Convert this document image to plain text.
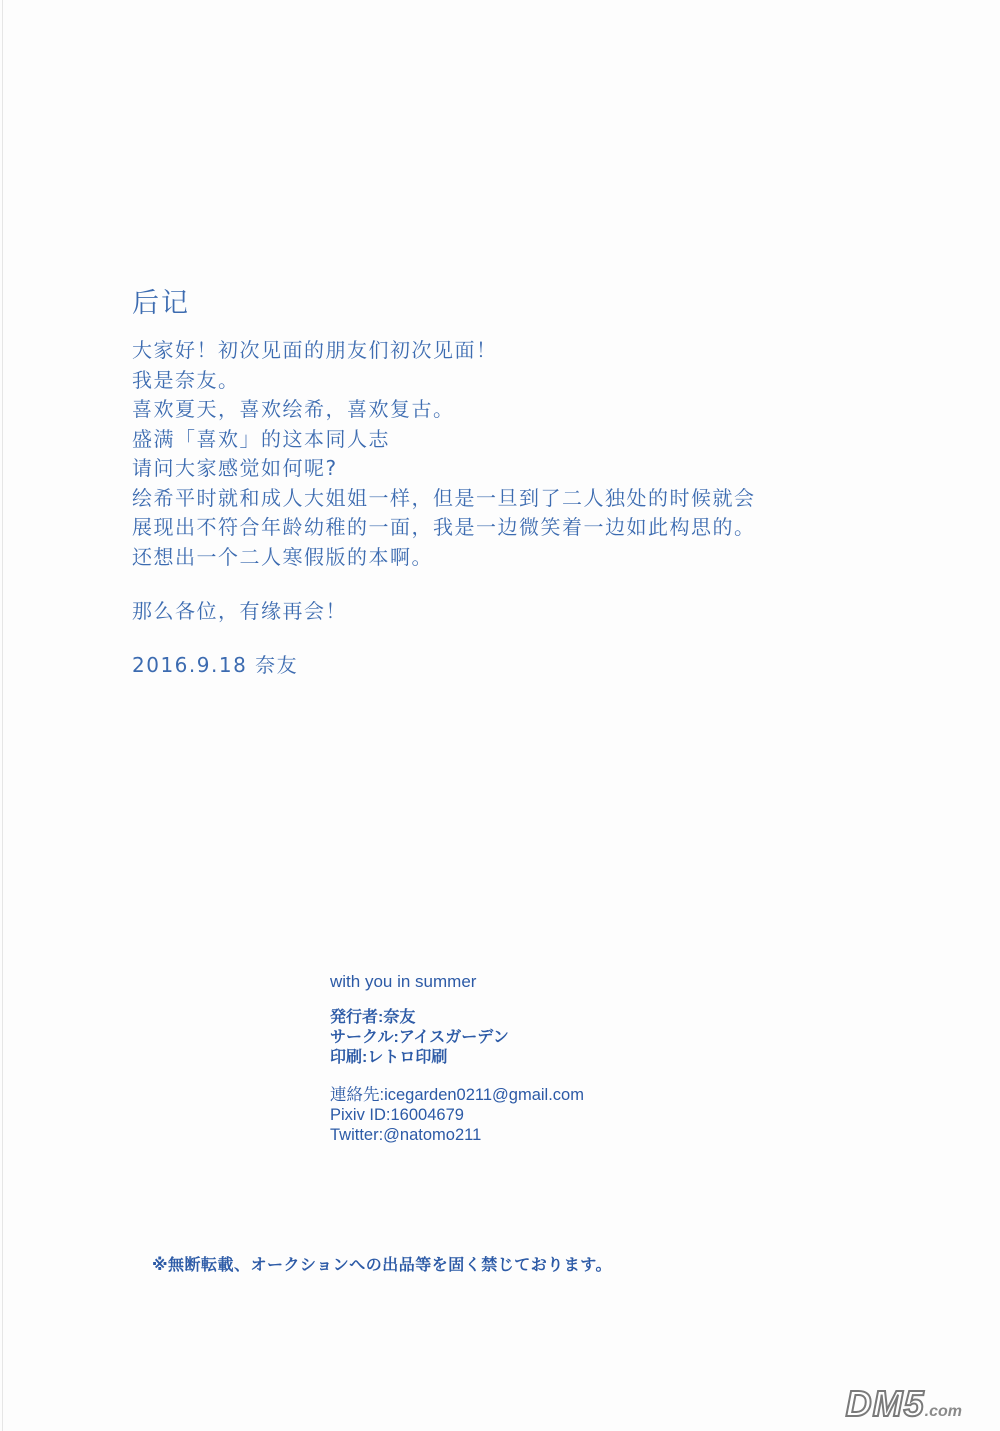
后记
大家好！初次见面的朋友们初次见面！
我是奈友。
喜欢夏天，喜欢绘希，喜欢复古。
盛满「喜欢」的这本同人志
请问大家感觉如何呢?
绘希平时就和成人大姐姐一样，但是一旦到了二人独处的时候就会
展现出不符合年龄幼稚的一面，我是一边微笑着一边如此构思的。
还想出一个二人寒假版的本啊。
那么各位，有缘再会！
2016.9.18 奈友
with you in summer
発行者:奈友
サークル:アイスガーデン
印刷:レトロ印刷
連絡先:icegarden0211@gmail.com
Pixiv ID:16004679
Twitter:@natomo211
※無断転載、オークションへの出品等を固く禁じております。
DM5.com
